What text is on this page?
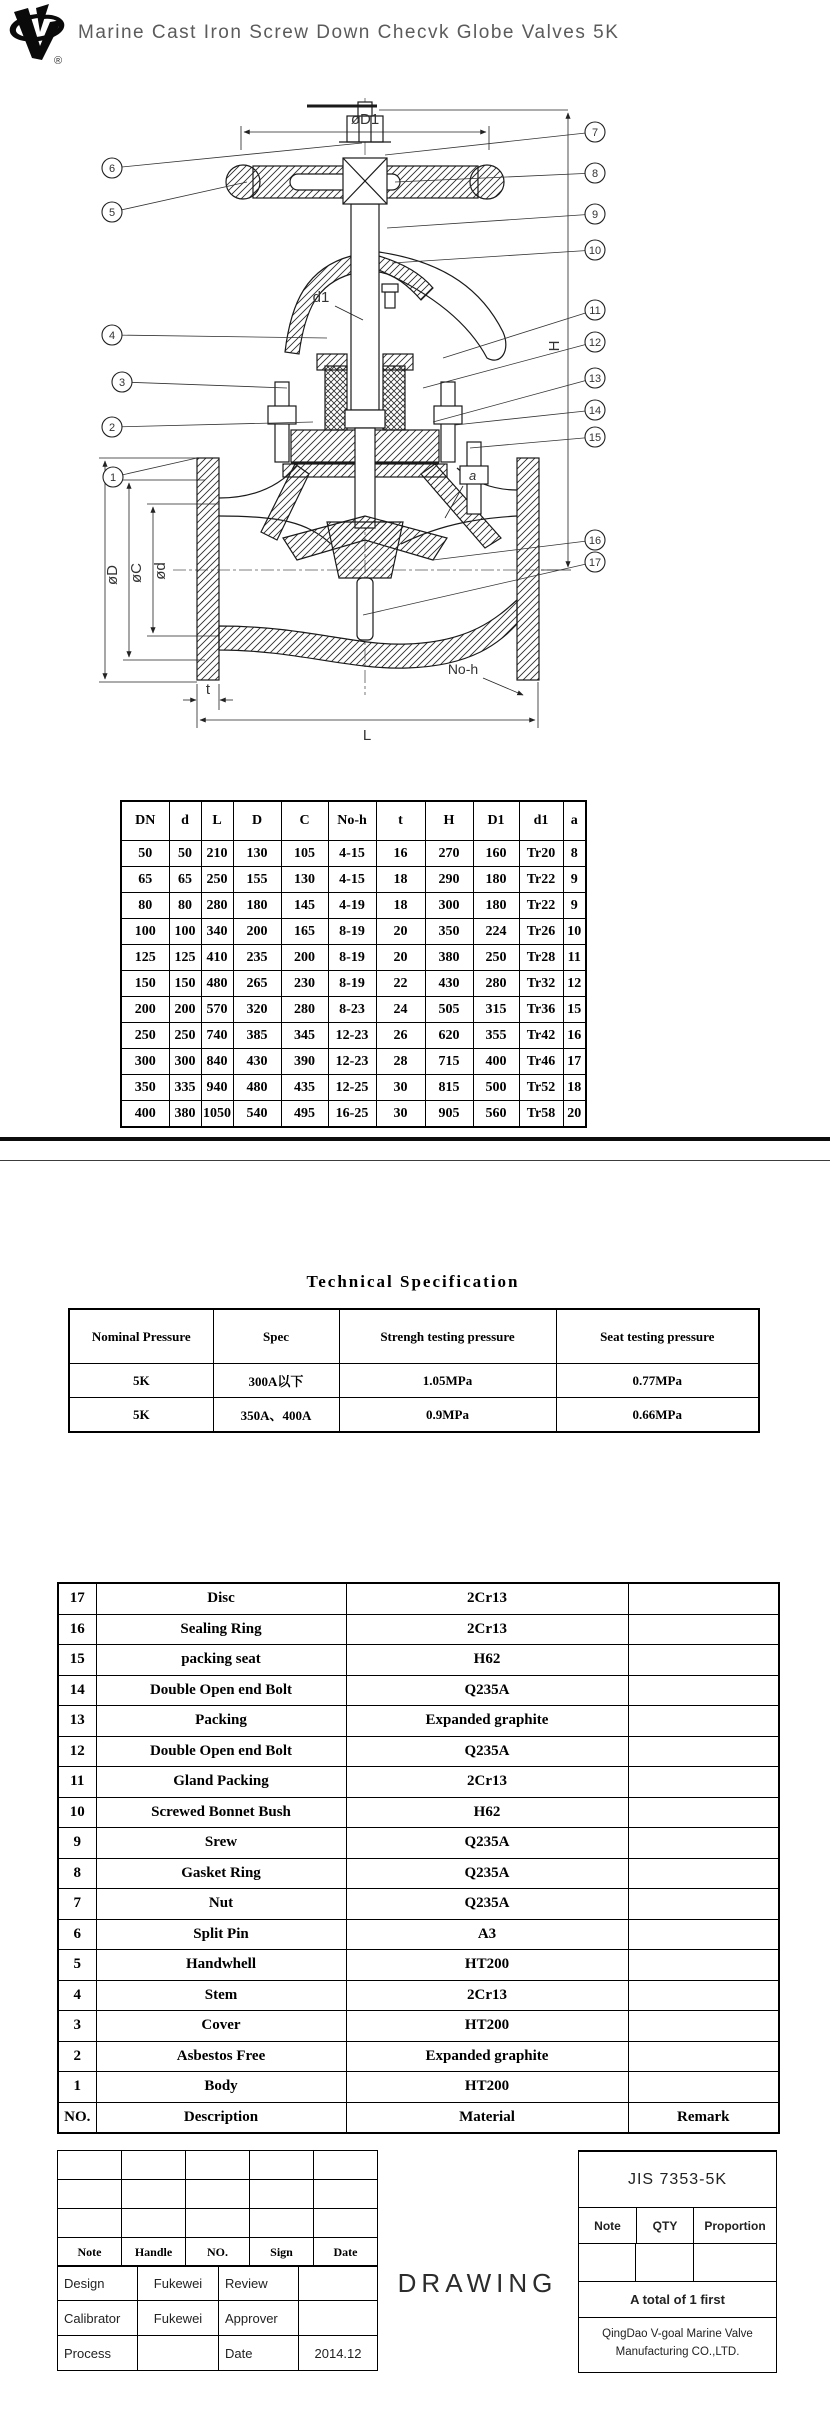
®
Marine Cast Iron Screw Down Checvk Globe Valves 5K
øD1
d1
H
øD øC ød
t
L
No-h
a
1
2
3
4
5
6
7
8
9
10
11
12
13
14
15
16
17
DN	d	L	D	C	No-h	t	H	D1	d1	a
50	50	210	130	105	4-15	16	270	160	Tr20	8
65	65	250	155	130	4-15	18	290	180	Tr22	9
80	80	280	180	145	4-19	18	300	180	Tr22	9
100	100	340	200	165	8-19	20	350	224	Tr26	10
125	125	410	235	200	8-19	20	380	250	Tr28	11
150	150	480	265	230	8-19	22	430	280	Tr32	12
200	200	570	320	280	8-23	24	505	315	Tr36	15
250	250	740	385	345	12-23	26	620	355	Tr42	16
300	300	840	430	390	12-23	28	715	400	Tr46	17
350	335	940	480	435	12-25	30	815	500	Tr52	18
400	380	1050	540	495	16-25	30	905	560	Tr58	20
Technical Specification
Nominal Pressure	Spec	Strengh testing pressure	Seat testing pressure
5K	300A以下	1.05MPa	0.77MPa
5K	350A、400A	0.9MPa	0.66MPa
17	Disc	2Cr13	
16	Sealing Ring	2Cr13	
15	packing seat	H62	
14	Double Open end Bolt	Q235A	
13	Packing	Expanded graphite	
12	Double Open end Bolt	Q235A	
11	Gland Packing	2Cr13	
10	Screwed Bonnet Bush	H62	
9	Srew	Q235A	
8	Gasket Ring	Q235A	
7	Nut	Q235A	
6	Split Pin	A3	
5	Handwhell	HT200	
4	Stem	2Cr13	
3	Cover	HT200	
2	Asbestos Free	Expanded graphite	
1	Body	HT200	
NO.	Description	Material	Remark

Note	Handle	NO.	Sign	Date
Design	Fukewei	Review	
Calibrator	Fukewei	Approver	
Process		Date	2014.12
DRAWING
JIS 7353-5K
Note	QTY	Proportion
A total of 1 first
QingDao V-goal Marine Valve
Manufacturing CO.,LTD.
